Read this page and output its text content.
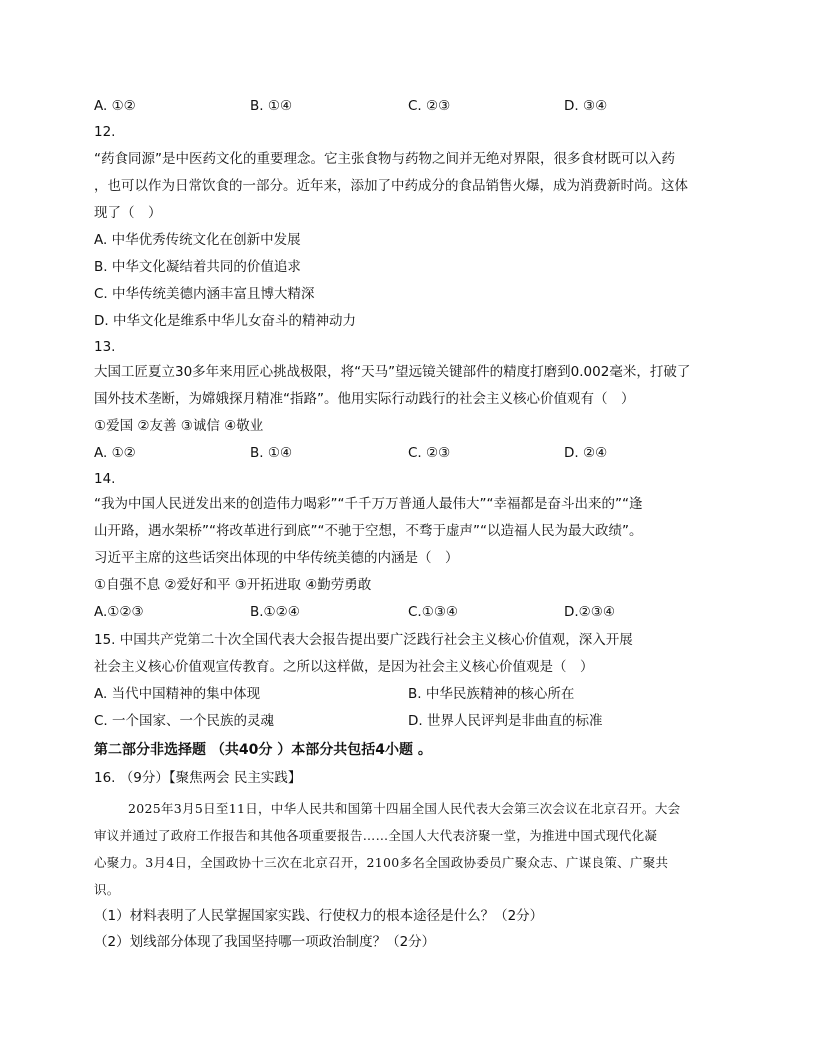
A. ①②	B. ①④	C. ②③	D. ③④
12.
“药食同源”是中医药文化的重要理念。它主张食物与药物之间并无绝对界限，很多食材既可以入药
，也可以作为日常饮食的一部分。近年来，添加了中药成分的食品销售火爆，成为消费新时尚。这体
现了（　）
A. 中华优秀传统文化在创新中发展
B. 中华文化凝结着共同的价值追求
C. 中华传统美德内涵丰富且博大精深
D. 中华文化是维系中华儿女奋斗的精神动力
13.
大国工匠夏立30多年来用匠心挑战极限，将“天马”望远镜关键部件的精度打磨到0.002毫米，打破了
国外技术垄断，为嫦娥探月精准“指路”。他用实际行动践行的社会主义核心价值观有（　）
①爱国 ②友善 ③诚信 ④敬业
A. ①②	B. ①④	C. ②③	D. ②④
14.
“我为中国人民迸发出来的创造伟力喝彩”“千千万万普通人最伟大”“幸福都是奋斗出来的”“逢
山开路，遇水架桥”“将改革进行到底”“不驰于空想，不骛于虚声”“以造福人民为最大政绩”。
习近平主席的这些话突出体现的中华传统美德的内涵是（　）
①自强不息 ②爱好和平 ③开拓进取 ④勤劳勇敢
A.①②③	B.①②④	C.①③④	D.②③④
15. 中国共产党第二十次全国代表大会报告提出要广泛践行社会主义核心价值观，深入开展
社会主义核心价值观宣传教育。之所以这样做，是因为社会主义核心价值观是（　）
A. 当代中国精神的集中体现	B. 中华民族精神的核心所在
C. 一个国家、一个民族的灵魂	D. 世界人民评判是非曲直的标准
第二部分非选择题 （共40分 ）本部分共包括4小题 。
16. （9分）【聚焦两会 民主实践】
2025年3月5日至11日，中华人民共和国第十四届全国人民代表大会第三次会议在北京召开。大会
审议并通过了政府工作报告和其他各项重要报告……全国人大代表济聚一堂，为推进中国式现代化凝
心聚力。3月4日，全国政协十三次在北京召开，2100多名全国政协委员广聚众志、广谋良策、广聚共
识。
（1）材料表明了人民掌握国家实践、行使权力的根本途径是什么？（2分）
（2）划线部分体现了我国坚持哪一项政治制度？（2分）
